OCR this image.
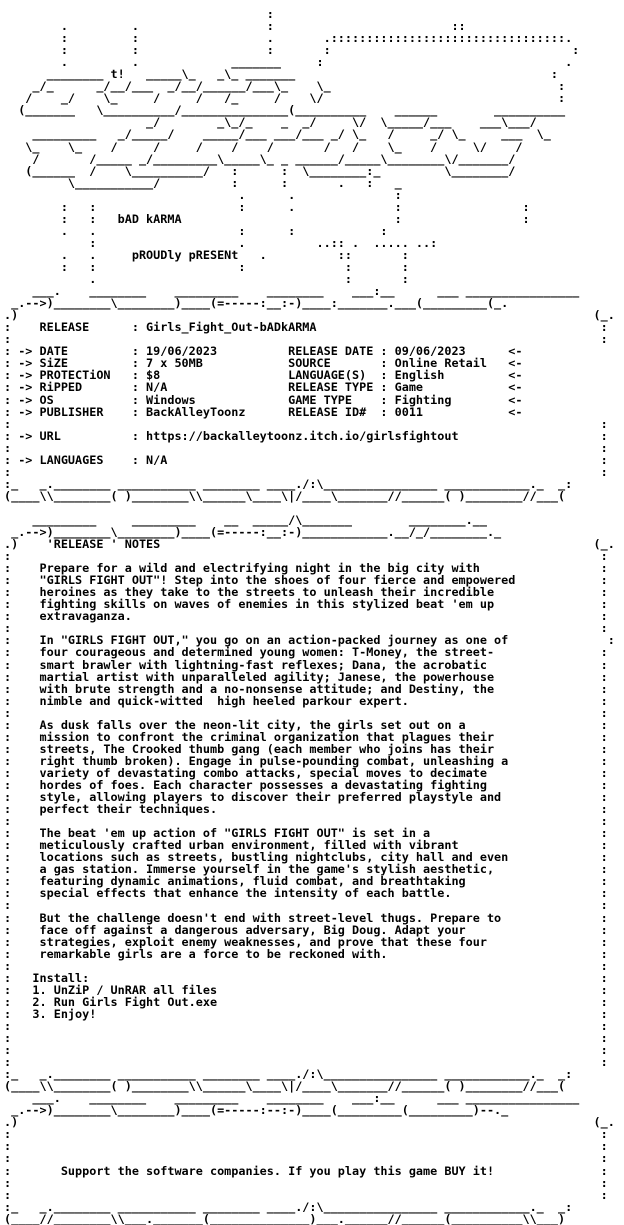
:
.         .                  :                         ::
:         :                  .       .:::::::::::::::::::::::::::::::::.
:         :                  :       :                                  :
.         .             _______     :                                  .
________ t!   _____\_   _\_ _______                                    :
_/_      _/__/___  _/__/______/___\_    \_                                :
/    _/    \_     /     /   /_     /    \/                                 :
(_______   \__________/_______________(__________    ______        __________
_/        _\_/_    _  _/     \/  \_____/___    ___\___/
_________   _/_____/    _____/___ ___/___ _/ \_   /     _/ \_     ___  \_
\_    \_    /     /     /    /    /       /   /    \_    /     \/    /
/       /_____ _/_________\_____\_ _ ______/_____\________\/_______/
(______  /    \__________/   :      :  \________:_         \________/
\___________/          :      :       .   :   _
.      .              :
:   :                    :      .              :                 :
:   :   bAD kARMA                              :                 :
.   .                    :      :            :
:                    .          ..:: .  ..... ..:
.   .     pROUDly pRESENt   .          ::       :
:   :                    :              :       :
.                                   :       :
___.    ________    _________    ________    ___:__      ___ ________________
_.-->)________\________)____(=-----:__:-)____:_______.___(_________(_.
.)                                                                                 (_.
:    RELEASE      : Girls_Fight_Out-bADkARMA                                        :
:                                                                                   :
: -> DATE         : 19/06/2023          RELEASE DATE : 09/06/2023      <-
: -> SiZE         : 7 x 50MB            SOURCE       : Online Retail   <-
: -> PROTECTiON   : $8                  LANGUAGE(S)  : English         <-
: -> RiPPED       : N/A                 RELEASE TYPE : Game            <-
: -> OS           : Windows             GAME TYPE    : Fighting        <-
: -> PUBLISHER    : BackAlleyToonz      RELEASE ID#  : 0011            <-
:                                                                                   :
: -> URL          : https://backalleytoonz.itch.io/girlsfightout                    :
:                                                                                   :
: -> LANGUAGES    : N/A                                                             :
:                                                                                   :
:_   _.________ ___________ ________ ____./:\________________ ____________._  _:
(____\\________( )________\\______\____\|/____\_______//______( )________//___(
_________     _________    __  _____/\_______        ________.__
_.-->)________\________)____(=-----:__:-)____________.__/_/________._
.)    'RELEASE ' NOTES                                                             (_.
:                                                                                   :
:    Prepare for a wild and electrifying night in the big city with                 :
:    "GIRLS FIGHT OUT"! Step into the shoes of four fierce and empowered            :
:    heroines as they take to the streets to unleash their incredible               :
:    fighting skills on waves of enemies in this stylized beat 'em up               :
:    extravaganza.                                                                  :
:                                                                                   :
:    In "GIRLS FIGHT OUT," you go on an action-packed journey as one of              :
:    four courageous and determined young women: T-Money, the street-               :
:    smart brawler with lightning-fast reflexes; Dana, the acrobatic                :
:    martial artist with unparalleled agility; Janese, the powerhouse               :
:    with brute strength and a no-nonsense attitude; and Destiny, the               :
:    nimble and quick-witted  high heeled parkour expert.                           :
:                                                                                   :
:    As dusk falls over the neon-lit city, the girls set out on a                   :
:    mission to confront the criminal organization that plagues their               :
:    streets, The Crooked thumb gang (each member who joins has their               :
:    right thumb broken). Engage in pulse-pounding combat, unleashing a             :
:    variety of devastating combo attacks, special moves to decimate                :
:    hordes of foes. Each character possesses a devastating fighting                :
:    style, allowing players to discover their preferred playstyle and              :
:    perfect their techniques.                                                      :
:                                                                                   :
:    The beat 'em up action of "GIRLS FIGHT OUT" is set in a                        :
:    meticulously crafted urban environment, filled with vibrant                    :
:    locations such as streets, bustling nightclubs, city hall and even             :
:    a gas station. Immerse yourself in the game's stylish aesthetic,               :
:    featuring dynamic animations, fluid combat, and breathtaking                   :
:    special effects that enhance the intensity of each battle.                     :
:                                                                                   :
:    But the challenge doesn't end with street-level thugs. Prepare to              :
:    face off against a dangerous adversary, Big Doug. Adapt your                   :
:    strategies, exploit enemy weaknesses, and prove that these four                :
:    remarkable girls are a force to be reckoned with.                              :
:                                                                                   :
:   Install:                                                                        :
:   1. UnZiP / UnRAR all files                                                      :
:   2. Run Girls Fight Out.exe                                                      :
:   3. Enjoy!                                                                       :
:                                                                                   :
:                                                                                   :
:                                                                                   :
:                                                                                   :
:_   _.________ ___________ ________ ____./:\________________ ____________._  _:
(____\\________( )________\\______\____\|/____\_______//______( )________//___(
___.    ________    _________    ________    ___:__      ___ ________________
_.-->)________\________)____(=-----:--:-)____(_________(_________)--._
.)                                                                                 (_.
:                                                                                   :
:                                                                                   :
:                                                                                   :
:       Support the software companies. If you play this game BUY it!               :
:                                                                                   :
:                                                                                   :
:_   _.________ ___________ ________ ____./:\________________ ____________._  _:
(____//________\\___._______(______________)___.______//______(__________\\___)
